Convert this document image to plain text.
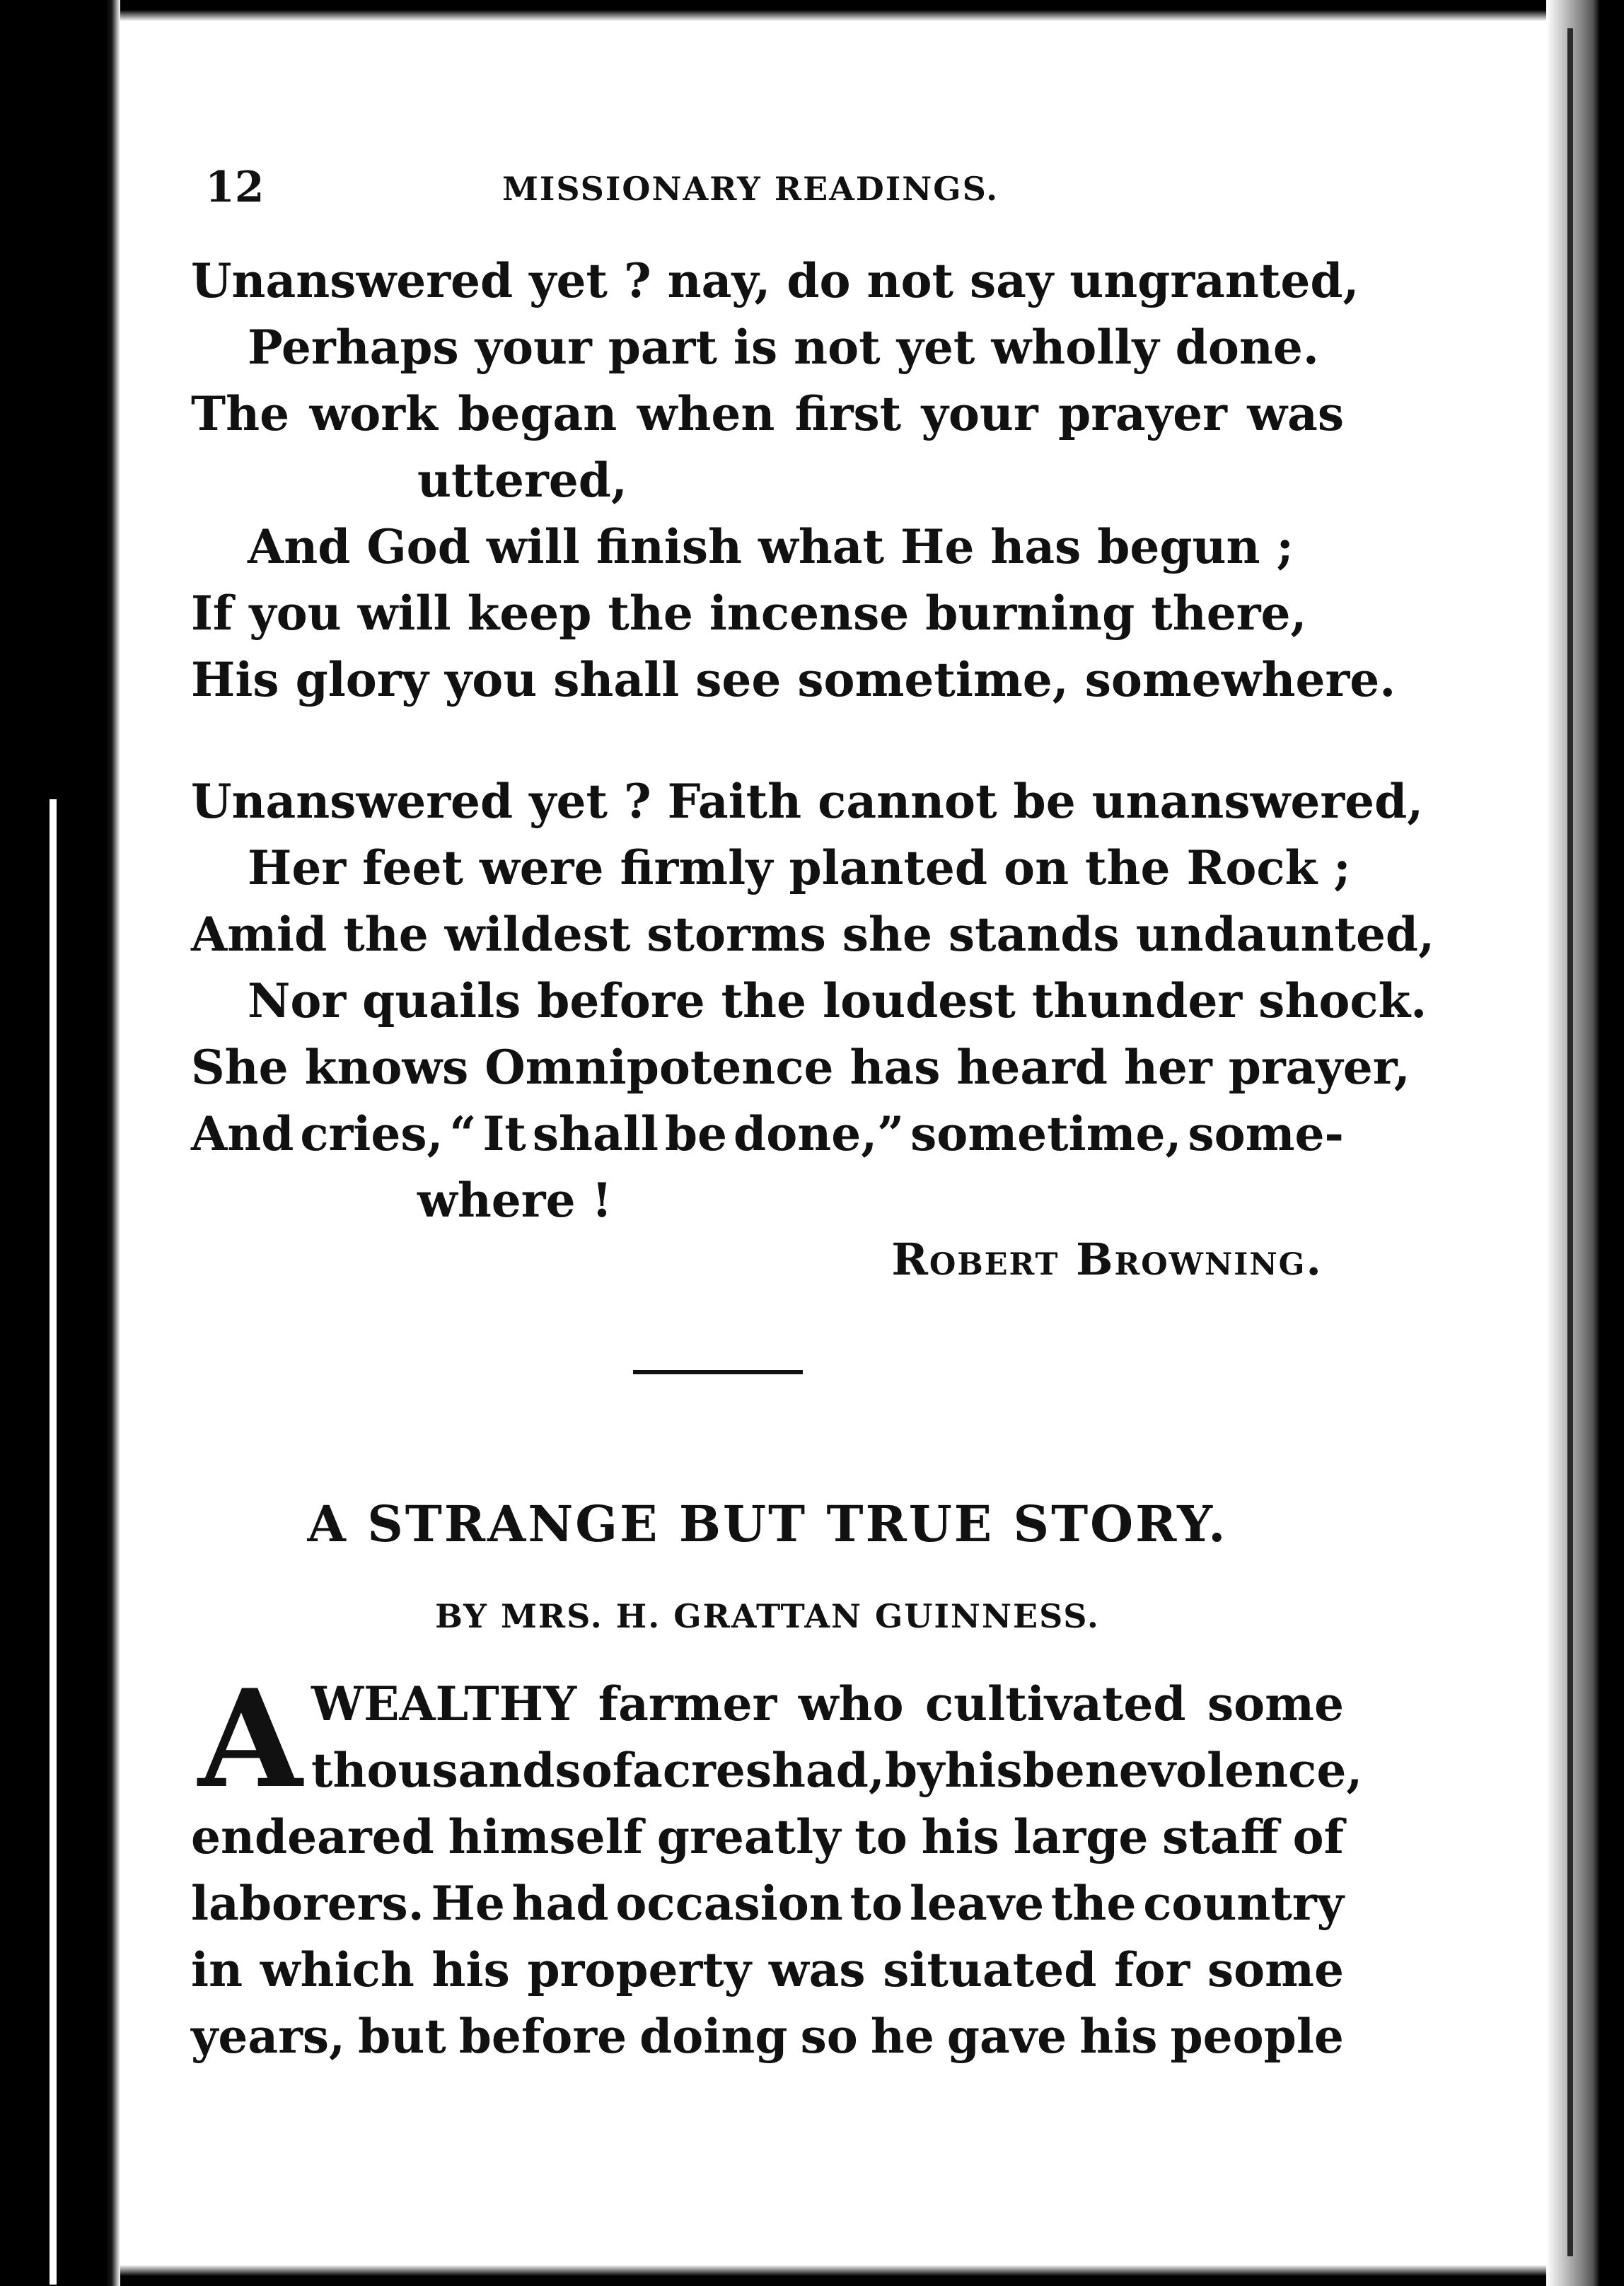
12	MISSIONARY READINGS.
Unanswered yet ? nay, do not say ungranted,
Perhaps your part is not yet wholly done.
The work began when first your prayer was
uttered,
And God will finish what He has begun ;
If you will keep the incense burning there,
His glory you shall see sometime, somewhere.
Unanswered yet ? Faith cannot be unanswered,
Her feet were firmly planted on the Rock ;
Amid the wildest storms she stands undaunted,
Nor quails before the loudest thunder shock.
She knows Omnipotence has heard her prayer,
And cries, “ It shall be done,” sometime, some-
where !
Robert Browning.
A STRANGE BUT TRUE STORY.
BY MRS. H. GRATTAN GUINNESS.
A WEALTHY farmer who cultivated some
thousands of acres had, by his benevolence,
endeared himself greatly to his large staff of
laborers. He had occasion to leave the country
in which his property was situated for some
years, but before doing so he gave his people
